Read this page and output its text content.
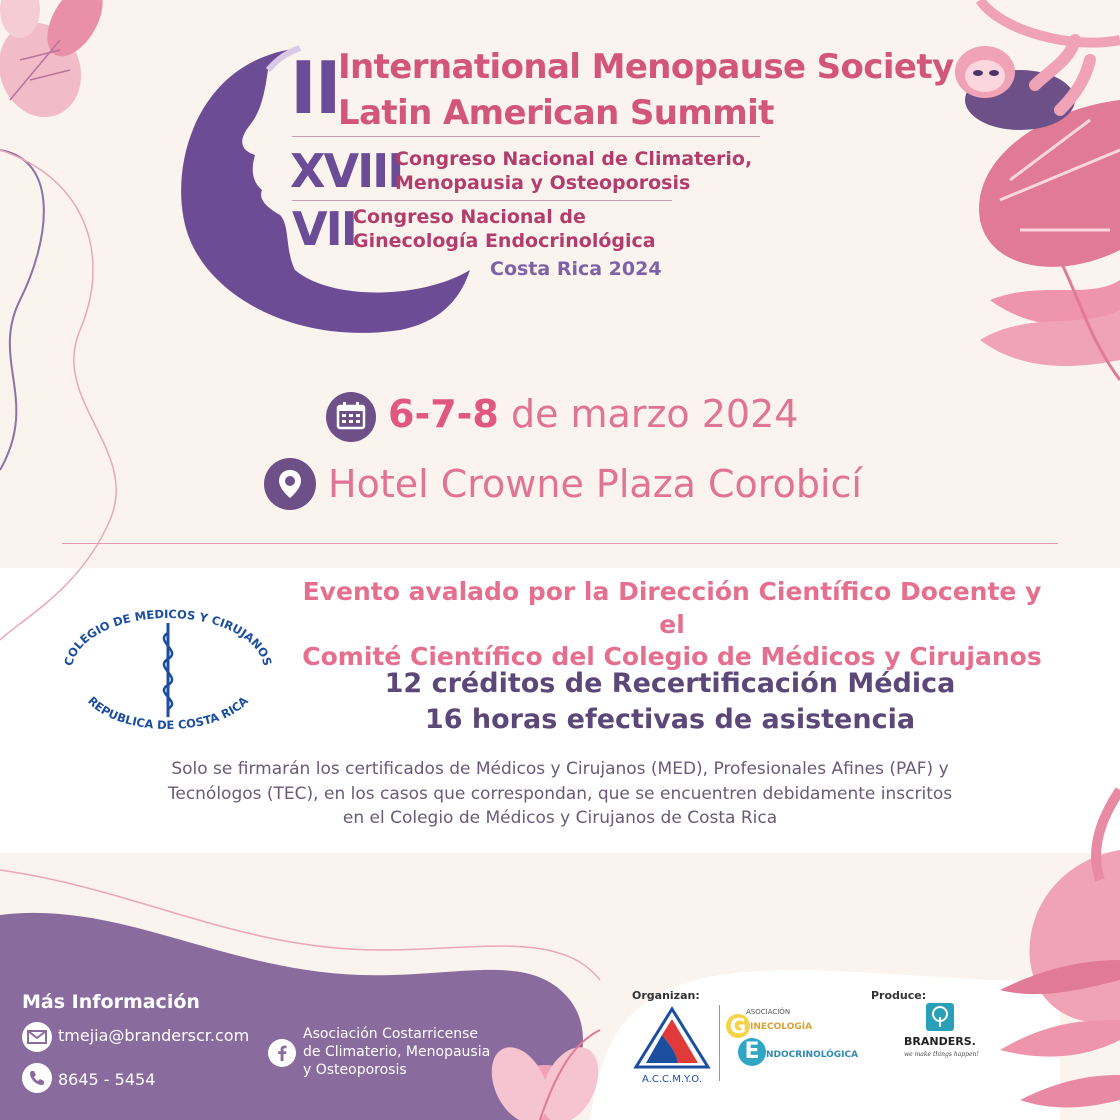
II
International Menopause Society
Latin American Summit
XVIII
Congreso Nacional de Climaterio,
Menopausia y Osteoporosis
VII
Congreso Nacional de
Ginecología Endocrinológica
Costa Rica 2024
6-7-8 de marzo 2024
Hotel Crowne Plaza Corobicí
COLEGIO DE MEDICOS Y CIRUJANOS
REPUBLICA DE COSTA RICA
Evento avalado por la Dirección Científico Docente y el
Comité Científico del Colegio de Médicos y Cirujanos
12 créditos de Recertificación Médica
16 horas efectivas de asistencia
Solo se firmarán los certificados de Médicos y Cirujanos (MED), Profesionales Afines (PAF) y
Tecnólogos (TEC), en los casos que correspondan, que se encuentren debidamente inscritos
en el Colegio de Médicos y Cirujanos de Costa Rica
Más Información
tmejia@branderscr.com
8645 - 5454
Asociación Costarricense
de Climaterio, Menopausia
y Osteoporosis
Organizan:	Produce:
A.C.C.M.Y.O.
ASOCIACIÓN
G INECOLOGÍA
E NDOCRINOLÓGICA
BRANDERS.
we make things happen!
